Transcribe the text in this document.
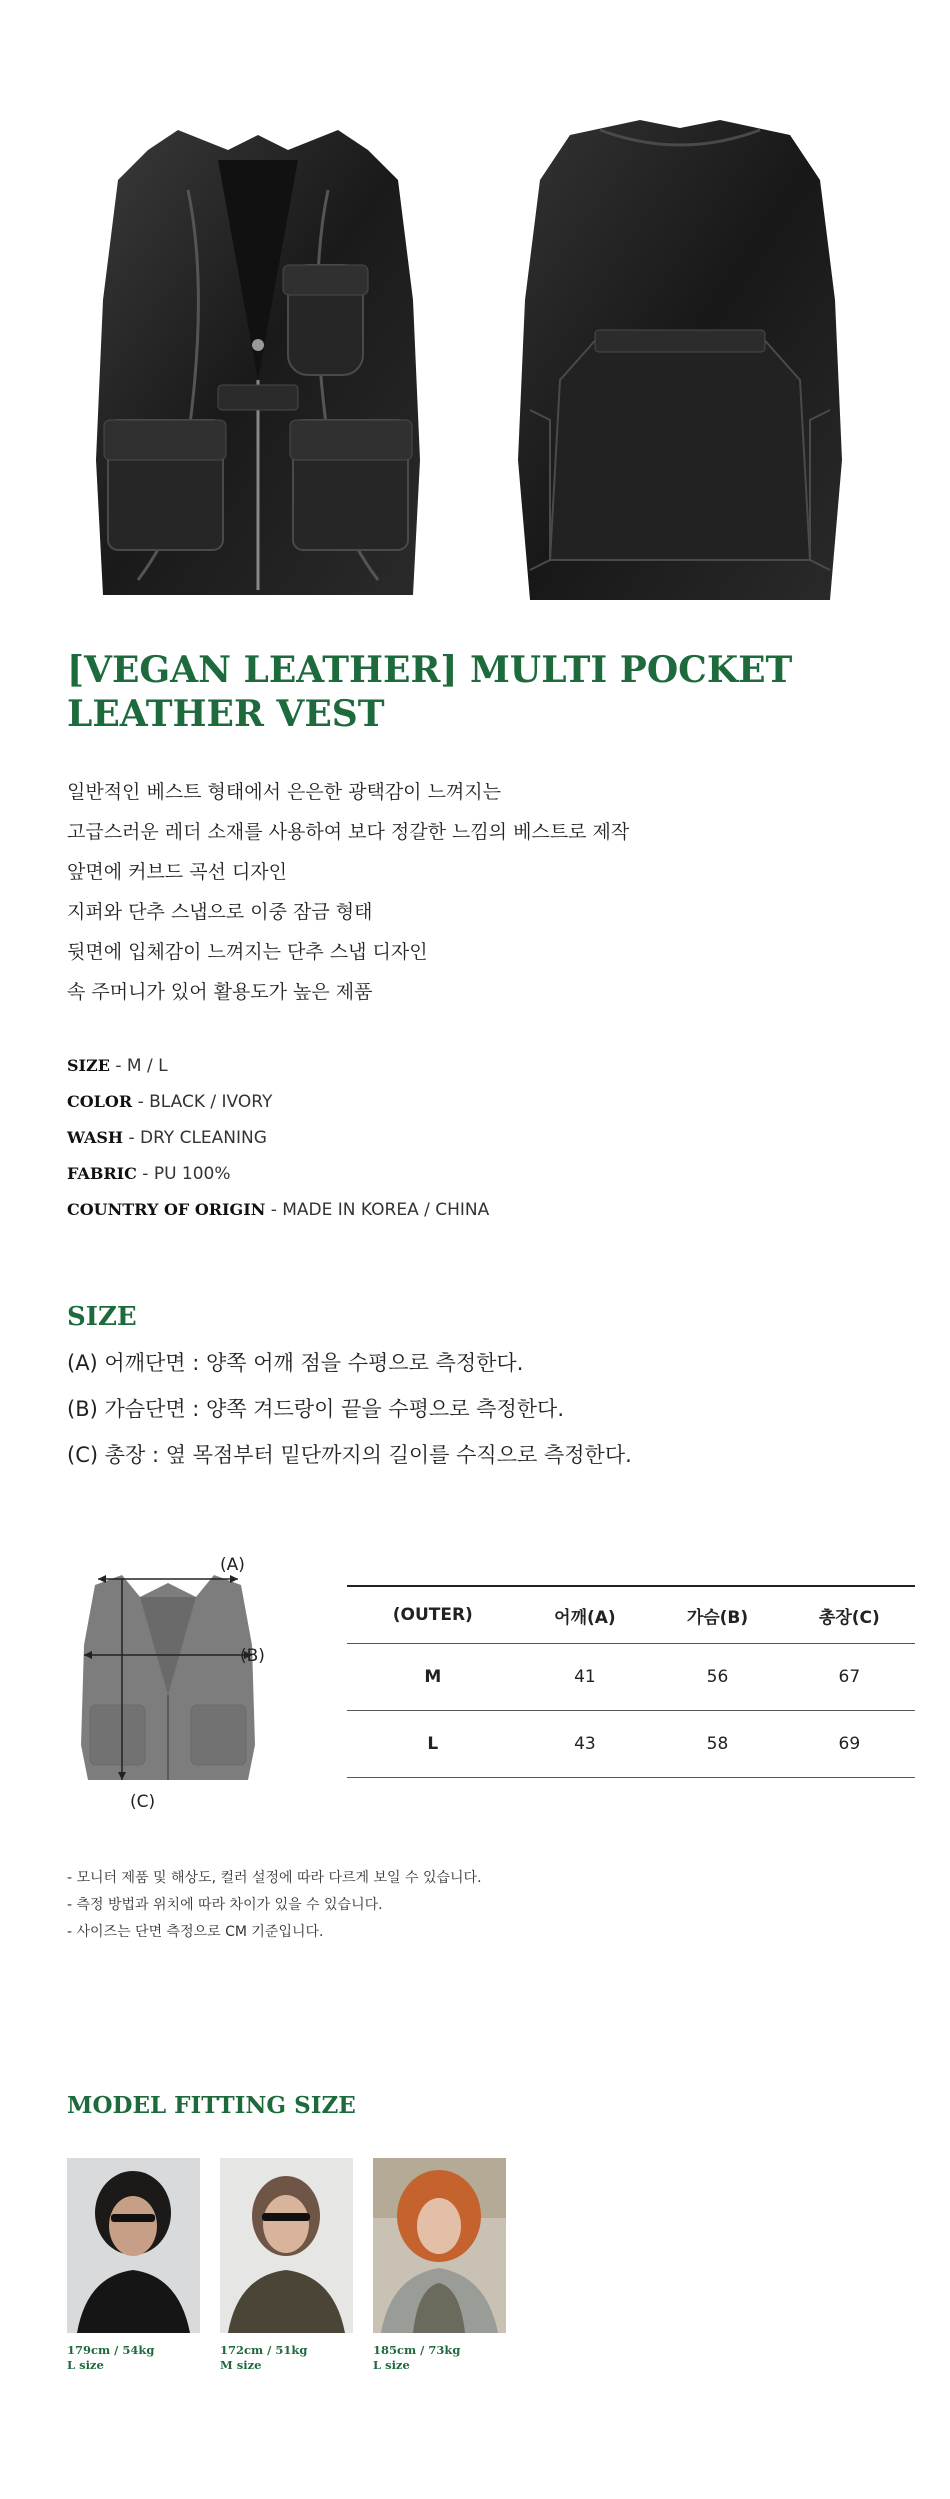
[VEGAN LEATHER] MULTI POCKET LEATHER VEST
일반적인 베스트 형태에서 은은한 광택감이 느껴지는
고급스러운 레더 소재를 사용하여 보다 정갈한 느낌의 베스트로 제작
앞면에 커브드 곡선 디자인
지퍼와 단추 스냅으로 이중 잠금 형태
뒷면에 입체감이 느껴지는 단추 스냅 디자인
속 주머니가 있어 활용도가 높은 제품
SIZE - M / L
COLOR - BLACK / IVORY
WASH - DRY CLEANING
FABRIC - PU 100%
COUNTRY OF ORIGIN - MADE IN KOREA / CHINA
SIZE
(A) 어깨단면 : 양쪽 어깨 점을 수평으로 측정한다.
(B) 가슴단면 : 양쪽 겨드랑이 끝을 수평으로 측정한다.
(C) 총장 : 옆 목점부터 밑단까지의 길이를 수직으로 측정한다.
(A)
(B)
(C)
(OUTER)	어깨(A)	가슴(B)	총장(C)
M	41	56	67
L	43	58	69
- 모니터 제품 및 해상도, 컬러 설정에 따라 다르게 보일 수 있습니다.
- 측정 방법과 위치에 따라 차이가 있을 수 있습니다.
- 사이즈는 단면 측정으로 CM 기준입니다.
MODEL FITTING SIZE
179cm / 54kg
L size
172cm / 51kg
M size
185cm / 73kg
L size
